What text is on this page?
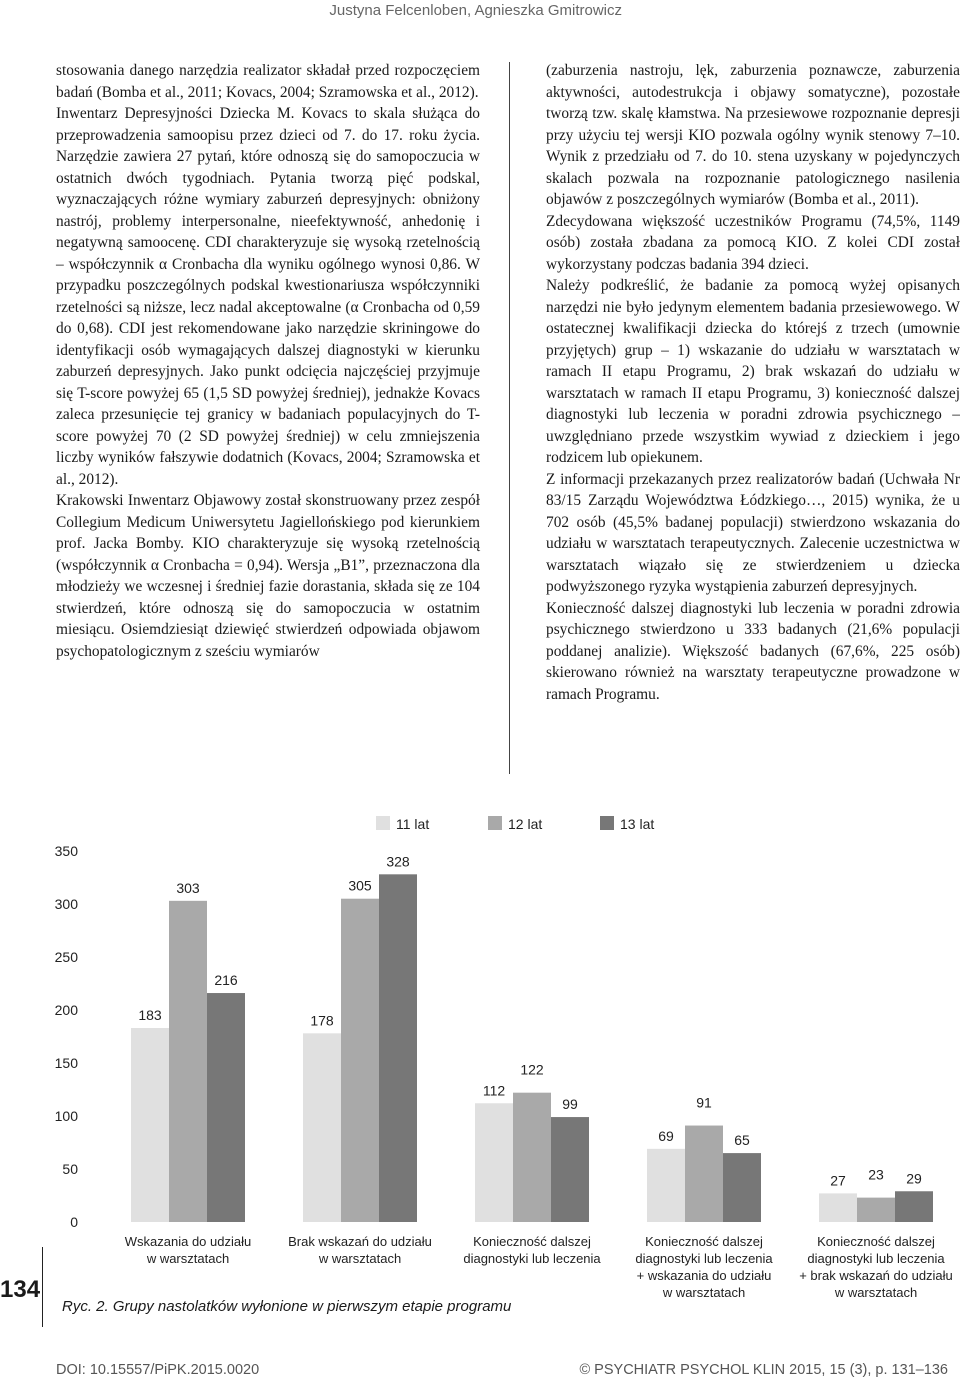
Justyna Felcenloben, Agnieszka Gmitrowicz

stosowania danego narzędzia realizator składał przed rozpoczęciem badań (Bomba et al., 2011; Kovacs, 2004; Szramowska et al., 2012).

Inwentarz Depresyjności Dziecka M. Kovacs to skala służąca do przeprowadzenia samoopisu przez dzieci od 7. do 17. roku życia. Narzędzie zawiera 27 pytań, które odnoszą się do samopoczucia w ostatnich dwóch tygodniach. Pytania tworzą pięć podskal, wyznaczających różne wymiary zaburzeń depresyjnych: obniżony nastrój, problemy interpersonalne, nieefektywność, anhedonię i negatywną samoocenę. CDI charakteryzuje się wysoką rzetelnością – współczynnik α Cronbacha dla wyniku ogólnego wynosi 0,86. W przypadku poszczególnych podskal kwestionariusza współczynniki rzetelności są niższe, lecz nadal akceptowalne (α Cronbacha od 0,59 do 0,68). CDI jest rekomendowane jako narzędzie skriningowe do identyfikacji osób wymagających dalszej diagnostyki w kierunku zaburzeń depresyjnych. Jako punkt odcięcia najczęściej przyjmuje się T-score powyżej 65 (1,5 SD powyżej średniej), jednakże Kovacs zaleca przesunięcie tej granicy w badaniach populacyjnych do T-score powyżej 70 (2 SD powyżej średniej) w celu zmniejszenia liczby wyników fałszywie dodatnich (Kovacs, 2004; Szramowska et al., 2012).

Krakowski Inwentarz Objawowy został skonstruowany przez zespół Collegium Medicum Uniwersytetu Jagiellońskiego pod kierunkiem prof. Jacka Bomby. KIO charakteryzuje się wysoką rzetelnością (współczynnik α Cronbacha = 0,94). Wersja „B1”, przeznaczona dla młodzieży we wczesnej i średniej fazie dorastania, składa się ze 104 stwierdzeń, które odnoszą się do samopoczucia w ostatnim miesiącu. Osiemdziesiąt dziewięć stwierdzeń odpowiada objawom psychopatologicznym z sześciu wymiarów

(zaburzenia nastroju, lęk, zaburzenia poznawcze, zaburzenia aktywności, autodestrukcja i objawy somatyczne), pozostałe tworzą tzw. skalę kłamstwa. Na przesiewowe rozpoznanie depresji przy użyciu tej wersji KIO pozwala ogólny wynik stenowy 7–10. Wynik z przedziału od 7. do 10. stena uzyskany w pojedynczych skalach pozwala na rozpoznanie patologicznego nasilenia objawów z poszczególnych wymiarów (Bomba et al., 2011).

Zdecydowana większość uczestników Programu (74,5%, 1149 osób) została zbadana za pomocą KIO. Z kolei CDI został wykorzystany podczas badania 394 dzieci.

Należy podkreślić, że badanie za pomocą wyżej opisanych narzędzi nie było jedynym elementem badania przesiewowego. W ostatecznej kwalifikacji dziecka do którejś z trzech (umownie przyjętych) grup – 1) wskazanie do udziału w warsztatach w ramach II etapu Programu, 2) brak wskazań do udziału w warsztatach w ramach II etapu Programu, 3) konieczność dalszej diagnostyki lub leczenia w poradni zdrowia psychicznego – uwzględniano przede wszystkim wywiad z dzieckiem i jego rodzicem lub opiekunem.

Z informacji przekazanych przez realizatorów badań (Uchwała Nr 83/15 Zarządu Województwa Łódzkiego…, 2015) wynika, że u 702 osób (45,5% badanej populacji) stwierdzono wskazania do udziału w warsztatach terapeutycznych. Zalecenie uczestnictwa w warsztatach wiązało się ze stwierdzeniem u dziecka podwyższonego ryzyka wystąpienia zaburzeń depresyjnych.

Konieczność dalszej diagnostyki lub leczenia w poradni zdrowia psychicznego stwierdzono u 333 badanych (21,6% populacji poddanej analizie). Większość badanych (67,6%, 225 osób) skierowano również na warsztaty terapeutyczne prowadzone w ramach Programu.

0
50
100
150
200
250
300
350
183	178
112
69
27
303	305
122
91
23
216
328
99
65
29
Wskazania do udziału
w warsztatach
Brak wskazań do udziału
w warsztatach
Konieczność dalszej
diagnostyki lub leczenia
Konieczność dalszej
diagnostyki lub leczenia
+ wskazania do udziału
w warsztatach
Konieczność dalszej
diagnostyki lub leczenia
+ brak wskazań do udziału
w warsztatach
11 lat	12 lat	13 lat
134
Ryc. 2. Grupy nastolatków wyłonione w pierwszym etapie programu
DOI: 10.15557/PiPK.2015.0020	© PSYCHIATR PSYCHOL KLIN 2015, 15 (3), p. 131–136
